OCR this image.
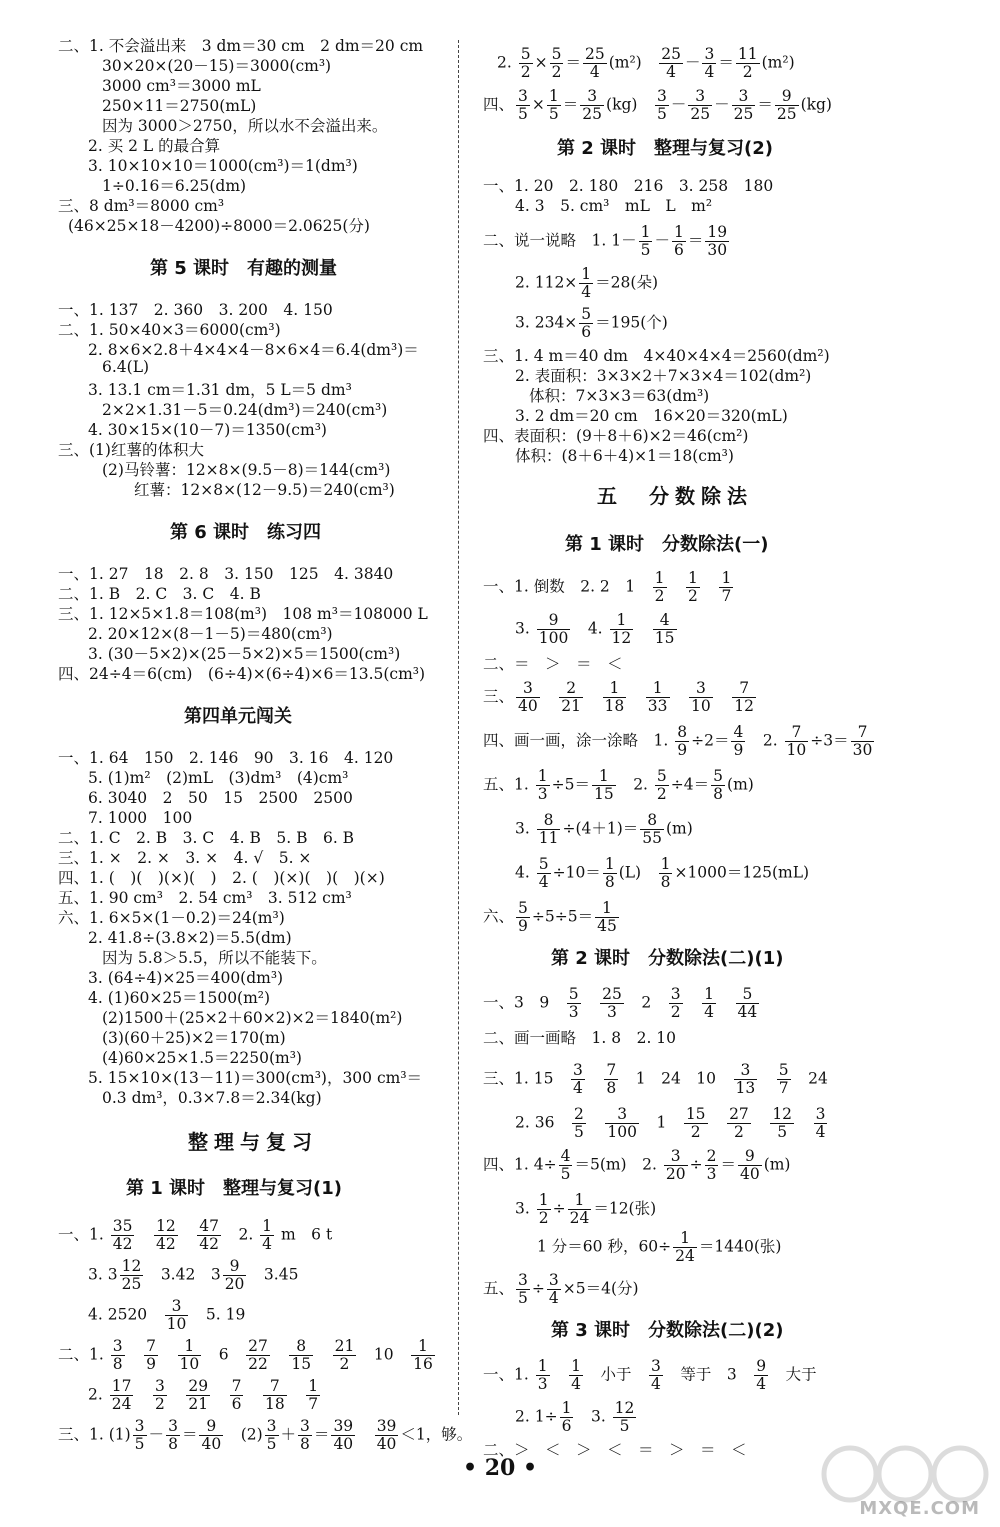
二、1. 不会溢出来　3 dm＝30 cm　2 dm＝20 cm
30×20×(20－15)＝3000(cm³)
3000 cm³＝3000 mL
250×11＝2750(mL)
因为 3000＞2750，所以水不会溢出来。
2. 买 2 L 的最合算
3. 10×10×10＝1000(cm³)＝1(dm³)
1÷0.16＝6.25(dm)
三、8 dm³＝8000 cm³
(46×25×18－4200)÷8000＝2.0625(分)
第 5 课时　有趣的测量
一、1. 137　2. 360　3. 200　4. 150
二、1. 50×40×3＝6000(cm³)
2. 8×6×2.8＋4×4×4－8×6×4＝6.4(dm³)＝
6.4(L)
3. 13.1 cm＝1.31 dm，5 L＝5 dm³
2×2×1.31－5＝0.24(dm³)＝240(cm³)
4. 30×15×(10－7)＝1350(cm³)
三、(1)红薯的体积大
(2)马铃薯：12×8×(9.5－8)＝144(cm³)
红薯：12×8×(12－9.5)＝240(cm³)
第 6 课时　练习四
一、1. 27　18　2. 8　3. 150　125　4. 3840
二、1. B　2. C　3. C　4. B
三、1. 12×5×1.8＝108(m³)　108 m³＝108000 L
2. 20×12×(8－1－5)＝480(cm³)
3. (30－5×2)×(25－5×2)×5＝1500(cm³)
四、24÷4＝6(cm)　(6÷4)×(6÷4)×6＝13.5(cm³)
第四单元闯关
一、1. 64　150　2. 146　90　3. 16　4. 120
5. (1)m²　(2)mL　(3)dm³　(4)cm³
6. 3040　2　50　15　2500　2500
7. 1000　100
二、1. C　2. B　3. C　4. B　5. B　6. B
三、1. ×　2. ×　3. ×　4. √　5. ×
四、1. (　)(　)(×)(　)　2. (　)(×)(　)(　)(×)
五、1. 90 cm³　2. 54 cm³　3. 512 cm³
六、1. 6×5×(1－0.2)＝24(m³)
2. 41.8÷(3.8×2)＝5.5(dm)
因为 5.8＞5.5，所以不能装下。
3. (64÷4)×25＝400(dm³)
4. (1)60×25＝1500(m²)
(2)1500＋(25×2＋60×2)×2＝1840(m²)
(3)(60＋25)×2＝170(m)
(4)60×25×1.5＝2250(m³)
5. 15×10×(13－11)＝300(cm³)，300 cm³＝
0.3 dm³，0.3×7.8＝2.34(kg)
整理与复习
第 1 课时　整理与复习(1)
一、1. $\frac{35}{42}$
　 $\frac{12}{42}$
　 $\frac{47}{42}$ 　2. $\frac{1}{4}$ m　6 t
3. $3 \frac{12}{25}$ 　3.42　$3 \frac{9}{20}$ 　3.45
4. 2520　 $\frac{3}{10}$ 　5. 19
二、1. $\frac{3}{8}$
　 $\frac{7}{9}$
　 $\frac{1}{10}$ 　6　 $\frac{27}{22}$
　 $\frac{8}{15}$
　 $\frac{21}{2}$ 　10　 $\frac{1}{16}$
2. $\frac{17}{24}$
　 $\frac{3}{2}$
　 $\frac{29}{21}$
　 $\frac{7}{6}$
　 $\frac{7}{18}$
　 $\frac{1}{7}$
三、1. $(1) \frac{3}{5} - \frac{3}{8} = \frac{9}{40}$ 　$(2) \frac{3}{5} + \frac{3}{8} = \frac{39}{40}$
　 $\frac{39}{40} <1$，够。
2. $\frac{5}{2} \times \frac{5}{2} = \frac{25}{4} (m^2)$　 $\frac{25}{4} - \frac{3}{4} = \frac{11}{2} (m^2)$
四、 $\frac{3}{5} \times \frac{1}{5} = \frac{3}{25} (kg)$　 $\frac{3}{5} - \frac{3}{25} - \frac{3}{25} = \frac{9}{25} (kg)$
第 2 课时　整理与复习(2)
一、1. 20　2. 180　216　3. 258　180
4. 3　5. cm³　mL　L　m²
二、说一说略　1. $1- \frac{1}{5} - \frac{1}{6} = \frac{19}{30}$
2. $112\times \frac{1}{4} =28$(朵)
3. $234\times \frac{5}{6} =195$(个)
三、1. 4 m＝40 dm　4×40×4×4＝2560(dm²)
2. 表面积：3×3×2＋7×3×4＝102(dm²)
体积：7×3×3＝63(dm³)
3. 2 dm＝20 cm　16×20＝320(mL)
四、表面积：(9＋8＋6)×2＝46(cm²)
体积：(8＋6＋4)×1＝18(cm³)
五　分数除法
第 1 课时　分数除法(一)
一、1. 倒数　2. 2　1　 $\frac{1}{2}$
　 $\frac{1}{2}$
　 $\frac{1}{7}$
3. $\frac{9}{100}$ 　4. $\frac{1}{12}$
　 $\frac{4}{15}$
二、＝　＞　＝　＜
三、 $\frac{3}{40}$
　 $\frac{2}{21}$
　 $\frac{1}{18}$
　 $\frac{1}{33}$
　 $\frac{3}{10}$
　 $\frac{7}{12}$
四、画一画，涂一涂略　1. $\frac{8}{9} \div 2= \frac{4}{9}$ 　2. $\frac{7}{10} \div 3= \frac{7}{30}$
五、1. $\frac{1}{3} \div 5= \frac{1}{15}$ 　2. $\frac{5}{2} \div 4= \frac{5}{8} (m)$
3. $\frac{8}{11} \div(4+1)= \frac{8}{55} (m)$
4. $\frac{5}{4} \div 10= \frac{1}{8} (L)$　 $\frac{1}{8} \times 1000=125(mL)$
六、 $\frac{5}{9} \div 5\div 5= \frac{1}{45}$
第 2 课时　分数除法(二)(1)
一、3　9　 $\frac{5}{3}$
　 $\frac{25}{3}$ 　2　 $\frac{3}{2}$
　 $\frac{1}{4}$
　 $\frac{5}{44}$
二、画一画略　1. 8　2. 10
三、1. 15　 $\frac{3}{4}$
　 $\frac{7}{8}$ 　1　24　10　 $\frac{3}{13}$
　 $\frac{5}{7}$ 　24
2. 36　 $\frac{2}{5}$
　 $\frac{3}{100}$ 　1　 $\frac{15}{2}$
　 $\frac{27}{2}$
　 $\frac{12}{5}$
　 $\frac{3}{4}$
四、1. $4\div \frac{4}{5} =5(m)$　2. $\frac{3}{20} \div \frac{2}{3} = \frac{9}{40} (m)$
3. $\frac{1}{2} \div \frac{1}{24} =12$(张)
1 分＝60 秒，$60\div \frac{1}{24} =1440$(张)
五、 $\frac{3}{5} \div \frac{3}{4} \times 5=4$(分)
第 3 课时　分数除法(二)(2)
一、1. $\frac{1}{3}$
　 $\frac{1}{4}$ 　小于　 $\frac{3}{4}$ 　等于　3　 $\frac{9}{4}$ 　大于
2. $1\div \frac{1}{6}$ 　3. $\frac{12}{5}$
二、＞　＜　＞　＜　＝　＞　＝　＜
• 20 •
MXQE.COM
